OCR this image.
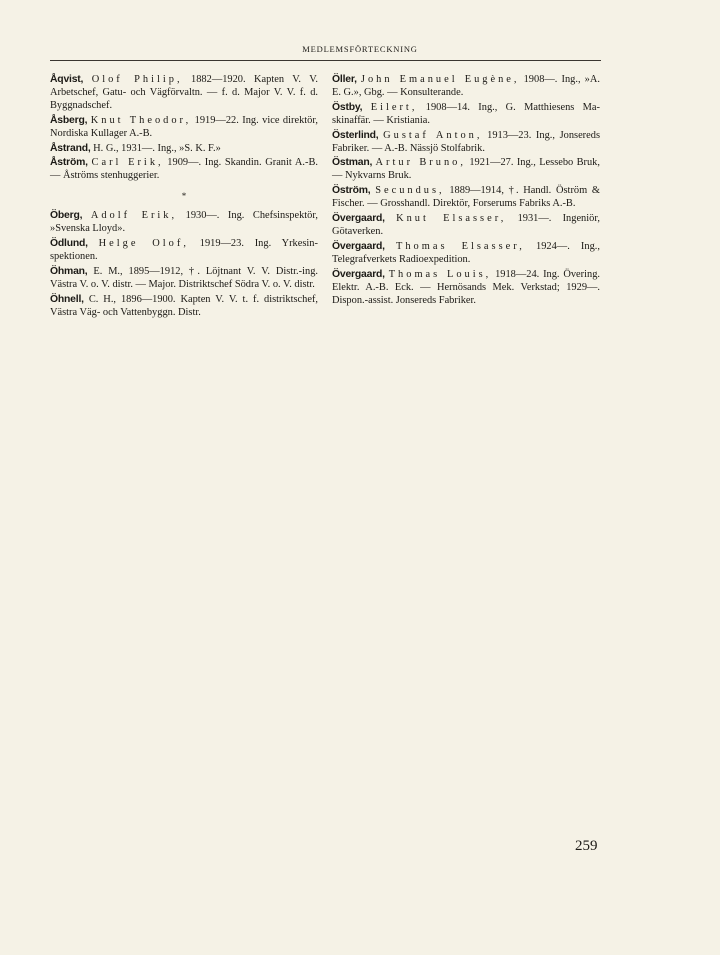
MEDLEMSFÖRTECKNING
Åqvist, Olof Philip, 1882—1920. Kapten V. V. Arbetschef, Gatu- och Vägförvaltn. — f. d. Major V. V. f. d. Byggnadschef.
Åsberg, Knut Theodor, 1919—22. Ing. vice direktör, Nordiska Kullager A.-B.
Åstrand, H. G., 1931—. Ing., »S. K. F.»
Åström, Carl Erik, 1909—. Ing. Skandin. Granit A.-B. — Åströms stenhuggerier.
*
Öberg, Adolf Erik, 1930—. Ing. Chefsinspektör, »Svenska Lloyd».
Ödlund, Helge Olof, 1919—23. Ing. Yrkesinspektionen.
Öhman, E. M., 1895—1912, †. Löjtnant V. V. Distr.-ing. Västra V. o. V. distr. — Major. Distriktschef Södra V. o. V. distr.
Öhnell, C. H., 1896—1900. Kapten V. V. t. f. distriktschef, Västra Väg- och Vattenbyggn. Distr.
Öller, John Emanuel Eugène, 1908—. Ing., »A. E. G.», Gbg. — Konsulterande.
Östby, Eilert, 1908—14. Ing., G. Matthiesens Maskinaffär. — Kristiania.
Österlind, Gustaf Anton, 1913—23. Ing., Jonsereds Fabriker. — A.-B. Nässjö Stolfabrik.
Östman, Artur Bruno, 1921—27. Ing., Lessebo Bruk, — Nykvarns Bruk.
Öström, Secundus, 1889—1914, †. Handl. Öström & Fischer. — Grosshandl. Direktör, Forserums Fabriks A.-B.
Övergaard, Knut Elsasser, 1931—. Ingeniör, Götaverken.
Övergaard, Thomas Elsasser, 1924—. Ing., Telegrafverkets Radioexpedition.
Övergaard, Thomas Louis, 1918—24. Ing. Övering. Elektr. A.-B. Eck. — Hernösands Mek. Verkstad; 1929—. Dispon.-assist. Jonsereds Fabriker.
259
